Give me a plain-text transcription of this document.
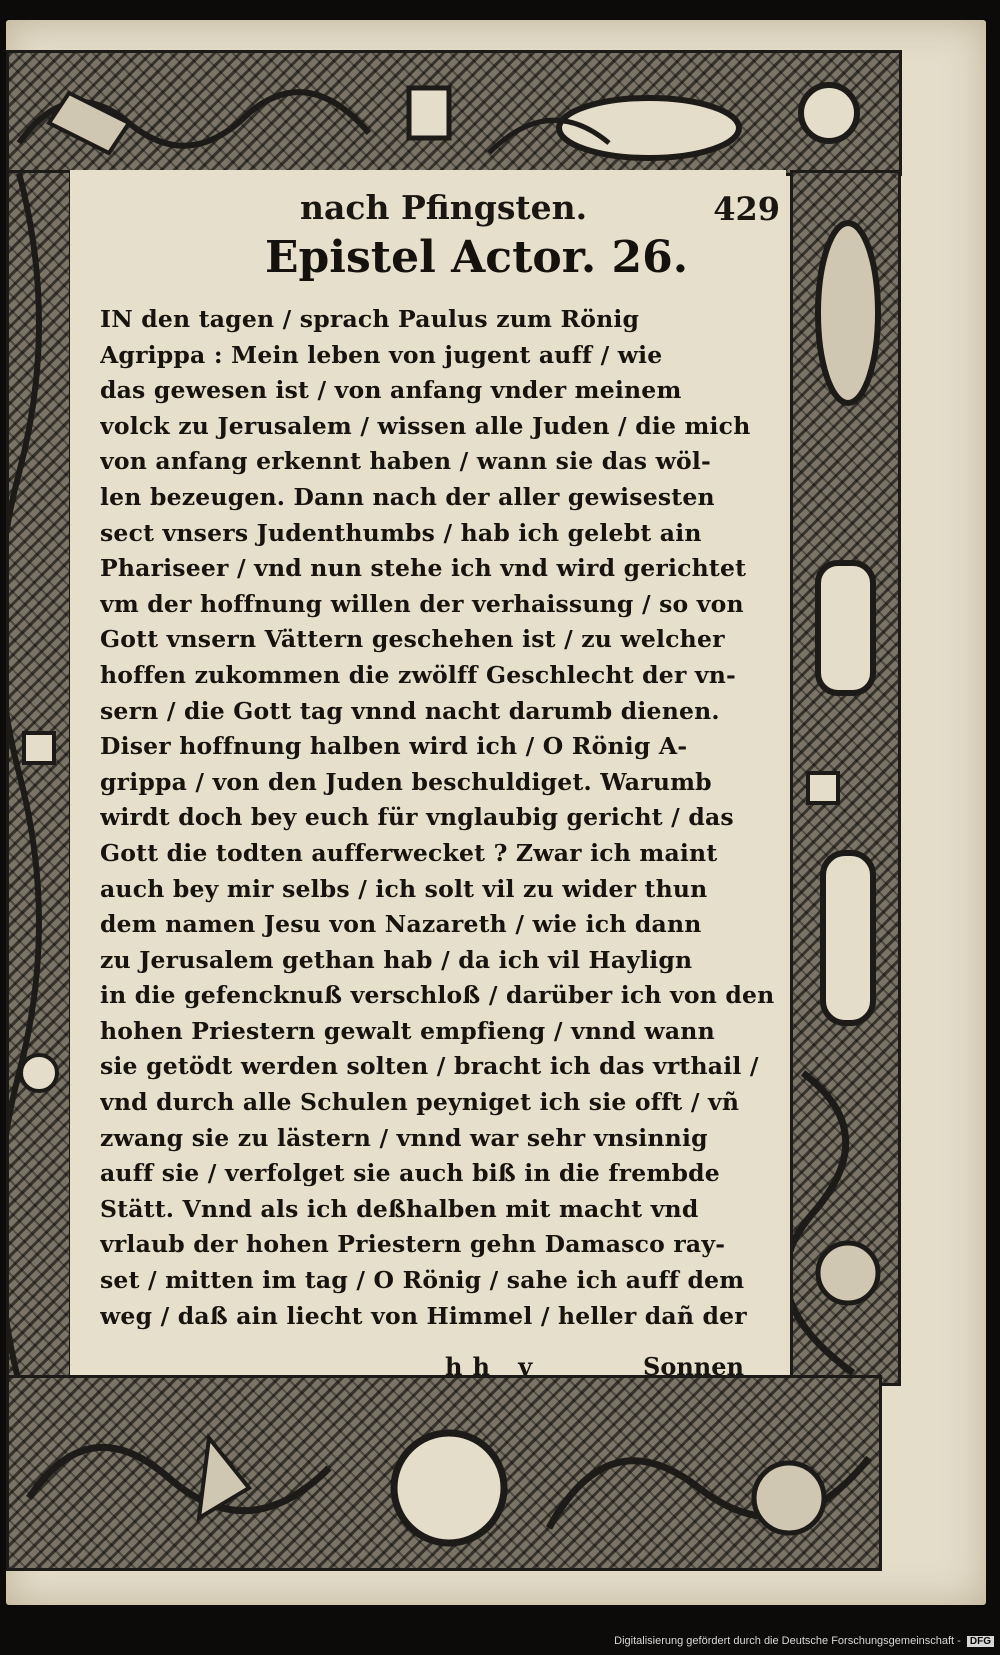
nach Pfingsten.	429
Epistel Actor. 26.
IN den tagen / sprach Paulus zum Rönig
Agrippa : Mein leben von jugent auff / wie
das gewesen ist / von anfang vnder meinem
volck zu Jerusalem / wissen alle Juden / die mich
von anfang erkennt haben / wann sie das wöl-
len bezeugen. Dann nach der aller gewisesten
sect vnsers Judenthumbs / hab ich gelebt ain
Phariseer / vnd nun stehe ich vnd wird gerichtet
vm der hoffnung willen der verhaissung / so von
Gott vnsern Vättern geschehen ist / zu welcher
hoffen zukommen die zwölff Geschlecht der vn-
sern / die Gott tag vnnd nacht darumb dienen.
Diser hoffnung halben wird ich / O Rönig A-
grippa / von den Juden beschuldiget. Warumb
wirdt doch bey euch für vnglaubig gericht / das
Gott die todten aufferwecket ? Zwar ich maint
auch bey mir selbs / ich solt vil zu wider thun
dem namen Jesu von Nazareth / wie ich dann
zu Jerusalem gethan hab / da ich vil Haylign
in die gefencknuß verschloß / darüber ich von den
hohen Priestern gewalt empfieng / vnnd wann
sie getödt werden solten / bracht ich das vrthail /
vnd durch alle Schulen peyniget ich sie offt / vñ
zwang sie zu lästern / vnnd war sehr vnsinnig
auff sie / verfolget sie auch biß in die frembde
Stätt. Vnnd als ich deßhalben mit macht vnd
vrlaub der hohen Priestern gehn Damasco ray-
set / mitten im tag / O Rönig / sahe ich auff dem
weg / daß ain liecht von Himmel / heller dañ der
hh v	Sonnen
Digitalisierung gefördert durch die Deutsche Forschungsgemeinschaft - DFG
